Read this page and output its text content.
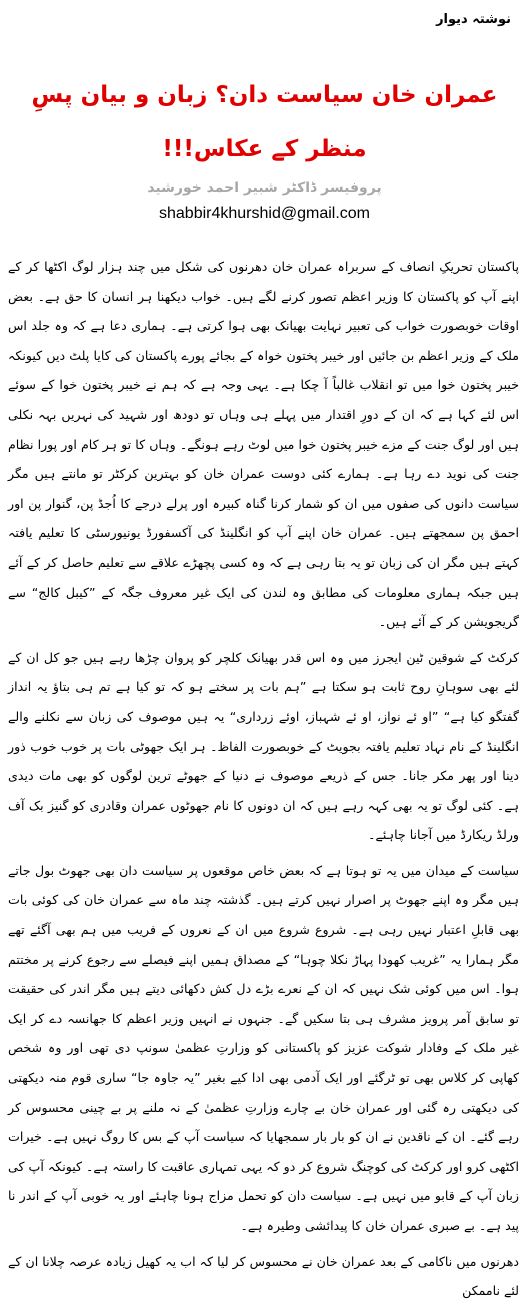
نوشتہ دیوار
عمران خان سیاست دان؟ زبان و بیان پسِ منظر کے عکاس!!!
پروفیسر ڈاکٹر شبیر احمد خورشید
shabbir4khurshid@gmail.com

پاکستان تحریکِ انصاف کے سربراہ عمران خان دھرنوں کی شکل میں چند ہزار لوگ اکٹھا کر کے اپنے آپ کو پاکستان کا وزیر اعظم تصور کرنے لگے ہیں۔ خواب دیکھنا ہر انسان کا حق ہے۔ بعض اوقات خوبصورت خواب کی تعبیر نہایت بھیانک بھی ہوا کرتی ہے۔ ہماری دعا ہے کہ وہ جلد اس ملک کے وزیر اعظم بن جائیں اور خیبر پختون خواہ کے بجائے پورے پاکستان کی کایا پلٹ دیں کیونکہ خیبر پختون خوا میں تو انقلاب غالباً آ چکا ہے۔ یہی وجہ ہے کہ ہم نے خیبر پختون خوا کے سوئے اس لئے کہا ہے کہ ان کے دورِ اقتدار میں پہلے ہی وہاں تو دودھ اور شہید کی نہریں بہہ نکلی ہیں اور لوگ جنت کے مزے خیبر پختون خوا میں لوٹ رہے ہونگے۔ وہاں کا تو ہر کام اور پورا نظام جنت کی نوید دے رہا ہے۔ ہمارے کئی دوست عمران خان کو بہترین کرکٹر تو مانتے ہیں مگر سیاست دانوں کی صفوں میں ان کو شمار کرنا گناہ کبیرہ اور پرلے درجے کا اُجڈ پن، گنوار پن اور احمق پن سمجھتے ہیں۔ عمران خان اپنے آپ کو انگلینڈ کی آکسفورڈ یونیورسٹی کا تعلیم یافتہ کہتے ہیں مگر ان کی زبان تو یہ بتا رہی ہے کہ وہ کسی پچھڑے علاقے سے تعلیم حاصل کر کے آئے ہیں جبکہ ہماری معلومات کی مطابق وہ لندن کی ایک غیر معروف جگہ کے ”کیبل کالج“ سے گریجویشن کر کے آئے ہیں۔

کرکٹ کے شوقین ٹین ایجرز میں وہ اس قدر بھیانک کلچر کو پروان چڑھا رہے ہیں جو کل ان کے لئے بھی سوہانِ روح ثابت ہو سکتا ہے ”ہم بات پر سختے ہو کہ تو کیا ہے تم ہی بتاؤ یہ انداز گفتگو کیا ہے“ ”او ئے نواز، او ئے شہباز، اوئے زرداری“ یہ ہیں موصوف کی زبان سے نکلنے والے انگلینڈ کے نام نہاد تعلیم یافتہ بجویٹ کے خوبصورت الفاظ۔ ہر ایک جھوٹی بات پر خوب خوب ذور دینا اور پھر مکر جانا۔ جس کے ذریعے موصوف نے دنیا کے جھوٹے ترین لوگوں کو بھی مات دیدی ہے۔ کئی لوگ تو یہ بھی کہہ رہے ہیں کہ ان دونوں کا نام جھوٹوں عمران وقادری کو گنیز بک آف ورلڈ ریکارڈ میں آجانا چاہئے۔

سیاست کے میدان میں یہ تو ہوتا ہے کہ بعض خاص موقعوں پر سیاست دان بھی جھوٹ بول جاتے ہیں مگر وہ اپنے جھوٹ پر اصرار نہیں کرتے ہیں۔ گذشتہ چند ماہ سے عمران خان کی کوئی بات بھی قابلِ اعتبار نہیں رہی ہے۔ شروع شروع میں ان کے نعروں کے فریب میں ہم بھی آگئے تھے مگر ہمارا یہ ”غریب کھودا پہاڑ نکلا چوہا“ کے مصداق ہمیں اپنے فیصلے سے رجوع کرنے پر مختتم ہوا۔ اس میں کوئی شک نہیں کہ ان کے نعرے بڑے دل کش دکھائی دیتے ہیں مگر اندر کی حقیقت تو سابق آمر پرویز مشرف ہی بتا سکیں گے۔ جنہوں نے انہیں وزیر اعظم کا جھانسہ دے کر ایک غیر ملک کے وفادار شوکت عزیز کو پاکستانی کو وزارتِ عظمیٰ سونپ دی تھی اور وہ شخص کھاپی کر کلاس بھی تو ٹرگئے اور ایک آدمی بھی ادا کیے بغیر ”یہ جاوہ جا“ ساری قوم منہ دیکھتی کی دیکھتی رہ گئی اور عمران خان بے چارے وزارتِ عظمیٰ کے نہ ملنے پر بے چینی محسوس کر رہے گئے۔ ان کے ناقدین نے ان کو بار بار سمجھایا کہ سیاست آپ کے بس کا روگ نہیں ہے۔ خیرات اکٹھی کرو اور کرکٹ کی کوچنگ شروع کر دو کہ یہی تمہاری عاقبت کا راستہ ہے۔ کیونکہ آپ کی زبان آپ کے قابو میں نہیں ہے۔ سیاست دان کو تحمل مزاج ہونا چاہئے اور یہ خوبی آپ کے اندر نا پید ہے۔ بے صبری عمران خان کا پیدائشی وطیرہ ہے۔

دھرنوں میں ناکامی کے بعد عمران خان نے محسوس کر لیا کہ اب یہ کھیل زیادہ عرصہ چلانا ان کے لئے ناممکن
